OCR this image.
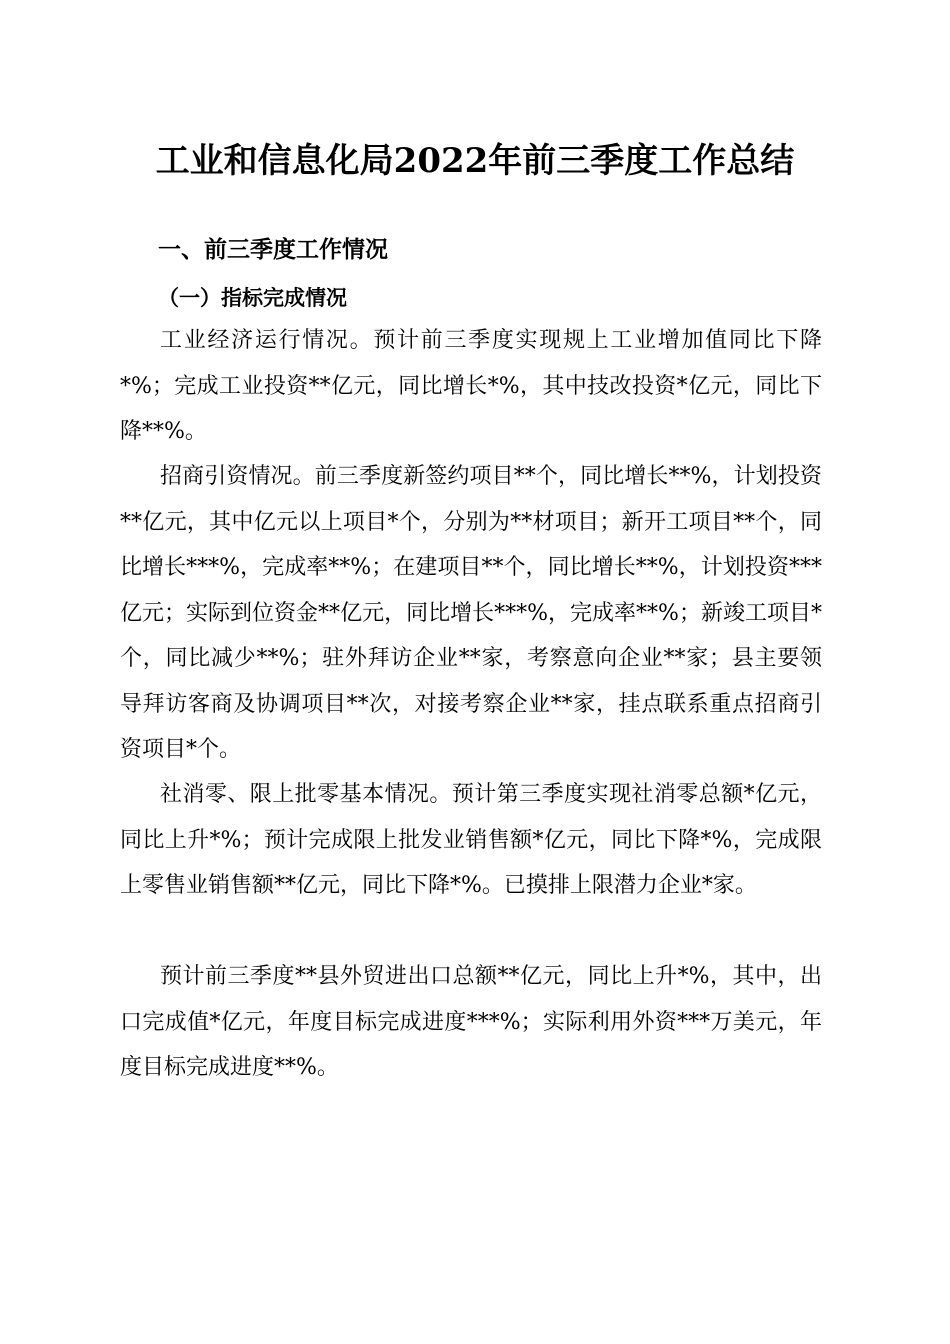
工业和信息化局2022年前三季度工作总结
一、前三季度工作情况
（一）指标完成情况

工业经济运行情况。预计前三季度实现规上工业增加值同比下降*%；完成工业投资**亿元，同比增长*%，其中技改投资*亿元，同比下降**%。

招商引资情况。前三季度新签约项目**个，同比增长**%，计划投资**亿元，其中亿元以上项目*个，分别为**材项目；新开工项目**个，同比增长***%，完成率**%；在建项目**个，同比增长**%，计划投资***亿元；实际到位资金**亿元，同比增长***%，完成率**%；新竣工项目*个，同比减少**%；驻外拜访企业**家，考察意向企业**家；县主要领导拜访客商及协调项目**次，对接考察企业**家，挂点联系重点招商引资项目*个。

社消零、限上批零基本情况。预计第三季度实现社消零总额*亿元，同比上升*%；预计完成限上批发业销售额*亿元，同比下降*%，完成限上零售业销售额**亿元，同比下降*%。已摸排上限潜力企业*家。

预计前三季度**县外贸进出口总额**亿元，同比上升*%，其中，出口完成值*亿元，年度目标完成进度***%；实际利用外资***万美元，年度目标完成进度**%。
